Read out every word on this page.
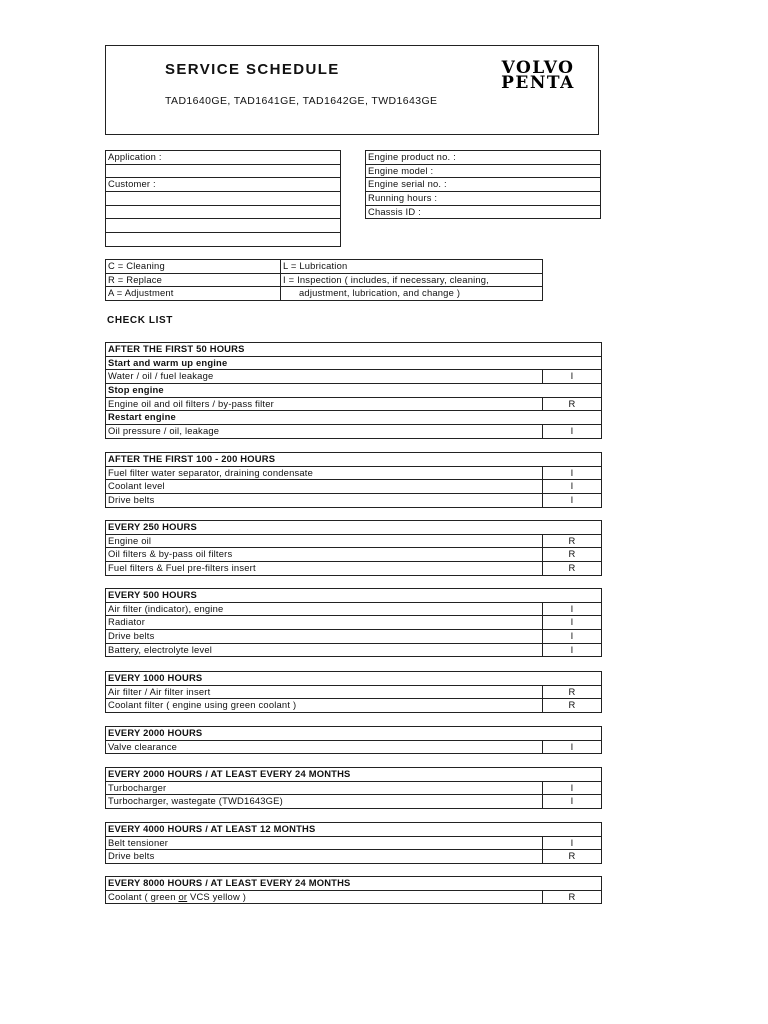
SERVICE SCHEDULE
TAD1640GE, TAD1641GE, TAD1642GE, TWD1643GE
VOLVO
PENTA
Application :

Customer :

Engine product no. :
Engine model :
Engine serial no. :
Running hours :
Chassis ID :
C = Cleaning	L = Lubrication
R = Replace	I = Inspection ( includes, if necessary, cleaning,
A = Adjustment	adjustment, lubrication, and change )
CHECK LIST
AFTER THE FIRST 50 HOURS	
Start and warm up engine	
Water / oil / fuel leakage	I
Stop engine	
Engine oil and oil filters / by-pass filter	R
Restart engine	
Oil pressure / oil, leakage	I
AFTER THE FIRST 100 - 200 HOURS	
Fuel filter water separator, draining condensate	I
Coolant level	I
Drive belts	I
EVERY 250 HOURS	
Engine oil	R
Oil filters & by-pass oil filters	R
Fuel filters & Fuel pre-filters insert	R
EVERY 500 HOURS	
Air filter (indicator), engine	I
Radiator	I
Drive belts	I
Battery, electrolyte level	I
EVERY 1000 HOURS	
Air filter / Air filter insert	R
Coolant filter ( engine using green coolant )	R
EVERY 2000 HOURS
Valve clearance	I
EVERY 2000 HOURS / AT LEAST EVERY 24 MONTHS	
Turbocharger	I
Turbocharger, wastegate (TWD1643GE)	I
EVERY 4000 HOURS / AT LEAST 12 MONTHS	
Belt tensioner	I
Drive belts	R
EVERY 8000 HOURS / AT LEAST EVERY 24 MONTHS
Coolant ( green or VCS yellow )	R
